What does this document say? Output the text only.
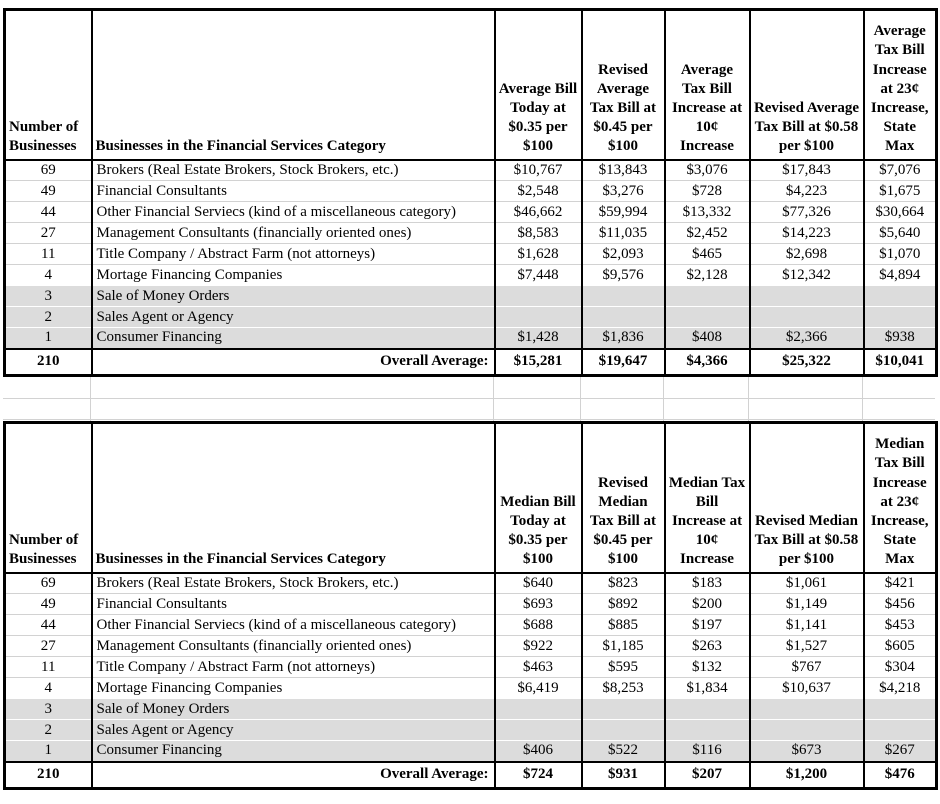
Number of Businesses	Businesses in the Financial Services Category	Average Bill Today at $0.35 per $100	Revised Average Tax Bill at $0.45 per $100	Average Tax Bill Increase at 10¢ Increase	Revised Average Tax Bill at $0.58 per $100	Average Tax Bill Increase at 23¢ Increase, State Max
69	Brokers (Real Estate Brokers, Stock Brokers, etc.)	$10,767	$13,843	$3,076	$17,843	$7,076
49	Financial Consultants	$2,548	$3,276	$728	$4,223	$1,675
44	Other Financial Serviecs (kind of a miscellaneous category)	$46,662	$59,994	$13,332	$77,326	$30,664
27	Management Consultants (financially oriented ones)	$8,583	$11,035	$2,452	$14,223	$5,640
11	Title Company / Abstract Farm (not attorneys)	$1,628	$2,093	$465	$2,698	$1,070
4	Mortage Financing Companies	$7,448	$9,576	$2,128	$12,342	$4,894
3	Sale of Money Orders					
2	Sales Agent or Agency					
1	Consumer Financing	$1,428	$1,836	$408	$2,366	$938
210	Overall Average:	$15,281	$19,647	$4,366	$25,322	$10,041
Number of Businesses	Businesses in the Financial Services Category	Median Bill Today at $0.35 per $100	Revised Median Tax Bill at $0.45 per $100	Median Tax Bill Increase at 10¢ Increase	Revised Median Tax Bill at $0.58 per $100	Median Tax Bill Increase at 23¢ Increase, State Max
69	Brokers (Real Estate Brokers, Stock Brokers, etc.)	$640	$823	$183	$1,061	$421
49	Financial Consultants	$693	$892	$200	$1,149	$456
44	Other Financial Serviecs (kind of a miscellaneous category)	$688	$885	$197	$1,141	$453
27	Management Consultants (financially oriented ones)	$922	$1,185	$263	$1,527	$605
11	Title Company / Abstract Farm (not attorneys)	$463	$595	$132	$767	$304
4	Mortage Financing Companies	$6,419	$8,253	$1,834	$10,637	$4,218
3	Sale of Money Orders					
2	Sales Agent or Agency					
1	Consumer Financing	$406	$522	$116	$673	$267
210	Overall Average:	$724	$931	$207	$1,200	$476
